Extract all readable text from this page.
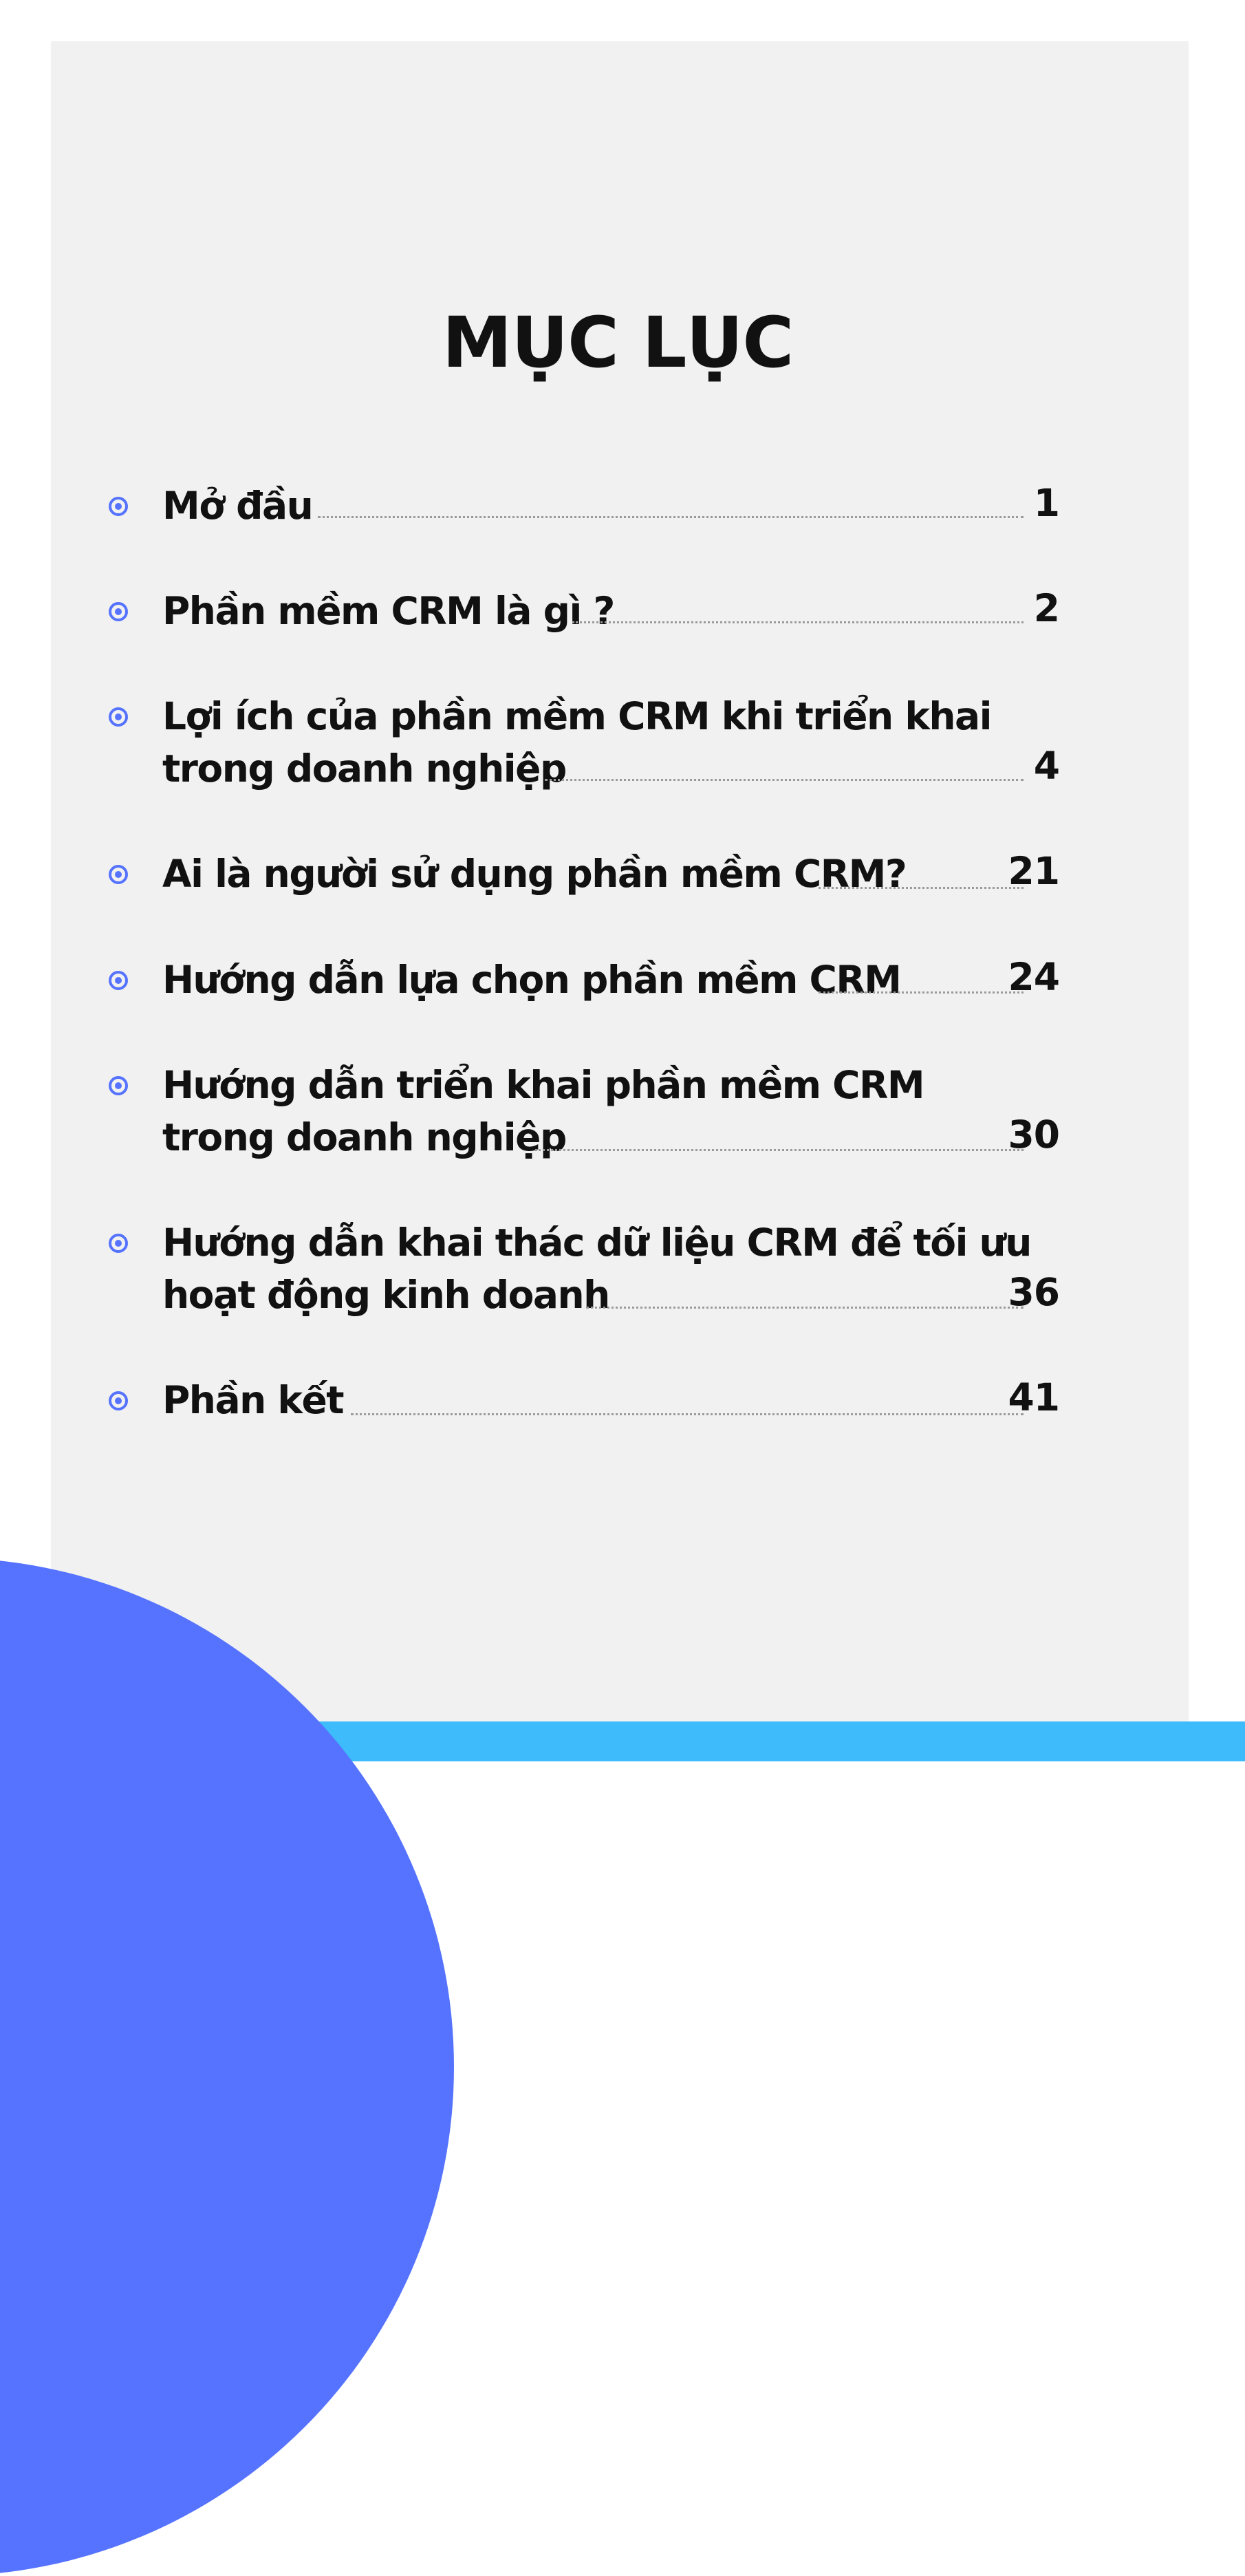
MỤC LỤC
Mở đầu	1
Phần mềm CRM là gì ?	2
Lợi ích của phần mềm CRM khi triển khai
trong doanh nghiệp	4
Ai là người sử dụng phần mềm CRM?	21
Hướng dẫn lựa chọn phần mềm CRM	24
Hướng dẫn triển khai phần mềm CRM
trong doanh nghiệp	30
Hướng dẫn khai thác dữ liệu CRM để tối ưu
hoạt động kinh doanh	36
Phần kết	41
